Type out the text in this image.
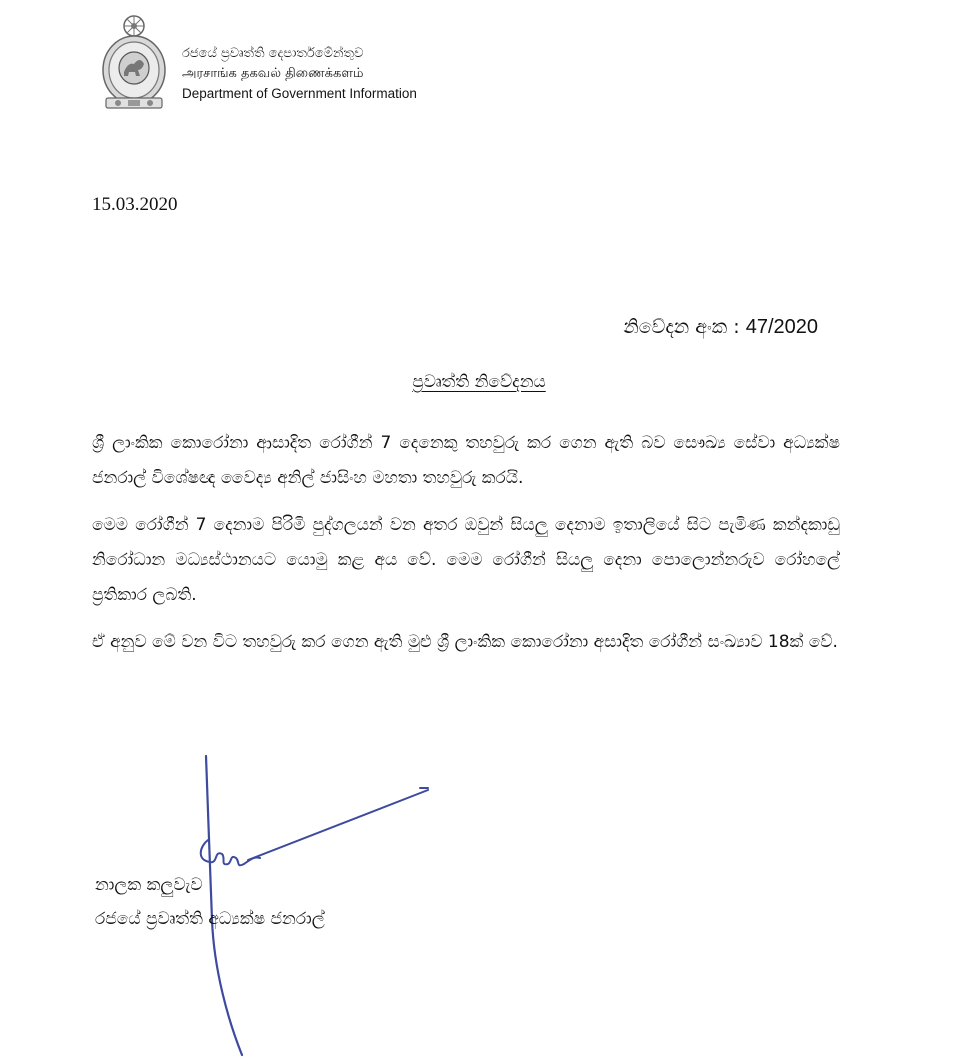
රජයේ ප්‍රවෘත්ති දෙපාර්තමේන්තුව
அரசாங்க தகவல் திணைக்களம்
Department of Government Information
15.03.2020
නිවේදන අංක : 47/2020
ප්‍රවෘත්ති නිවේදනය

ශ්‍රී ලාංකික කොරෝනා ආසාදිත රෝගීන් 7 දෙනෙකු තහවුරු කර ගෙන ඇති බව සෞඛ්‍ය සේවා අධ්‍යක්ෂ ජනරාල් විශේෂඥ වෛද්‍ය අනිල් ජාසිංහ මහතා තහවුරු කරයි.

මෙම රෝගීන් 7 දෙනාම පිරිමි පුද්ගලයන් වන අතර ඔවුන් සියලු දෙනාම ඉතාලියේ සිට පැමිණ කන්දකාඩු නිරෝධාන මධ්‍යස්ථානයට යොමු කළ අය වේ. මෙම රෝගීන් සියලු දෙනා පොලොන්නරුව රෝහලේ ප්‍රතිකාර ලබති.

ඒ අනුව මේ වන විට තහවුරු කර ගෙන ඇති මුළු ශ්‍රී ලාංකික කොරෝනා අසාදිත රෝගීන් සංඛ්‍යාව 18ක් වේ.

නාලක කලුවැව
රජයේ ප්‍රවෘත්ති අධ්‍යක්ෂ ජනරාල්
